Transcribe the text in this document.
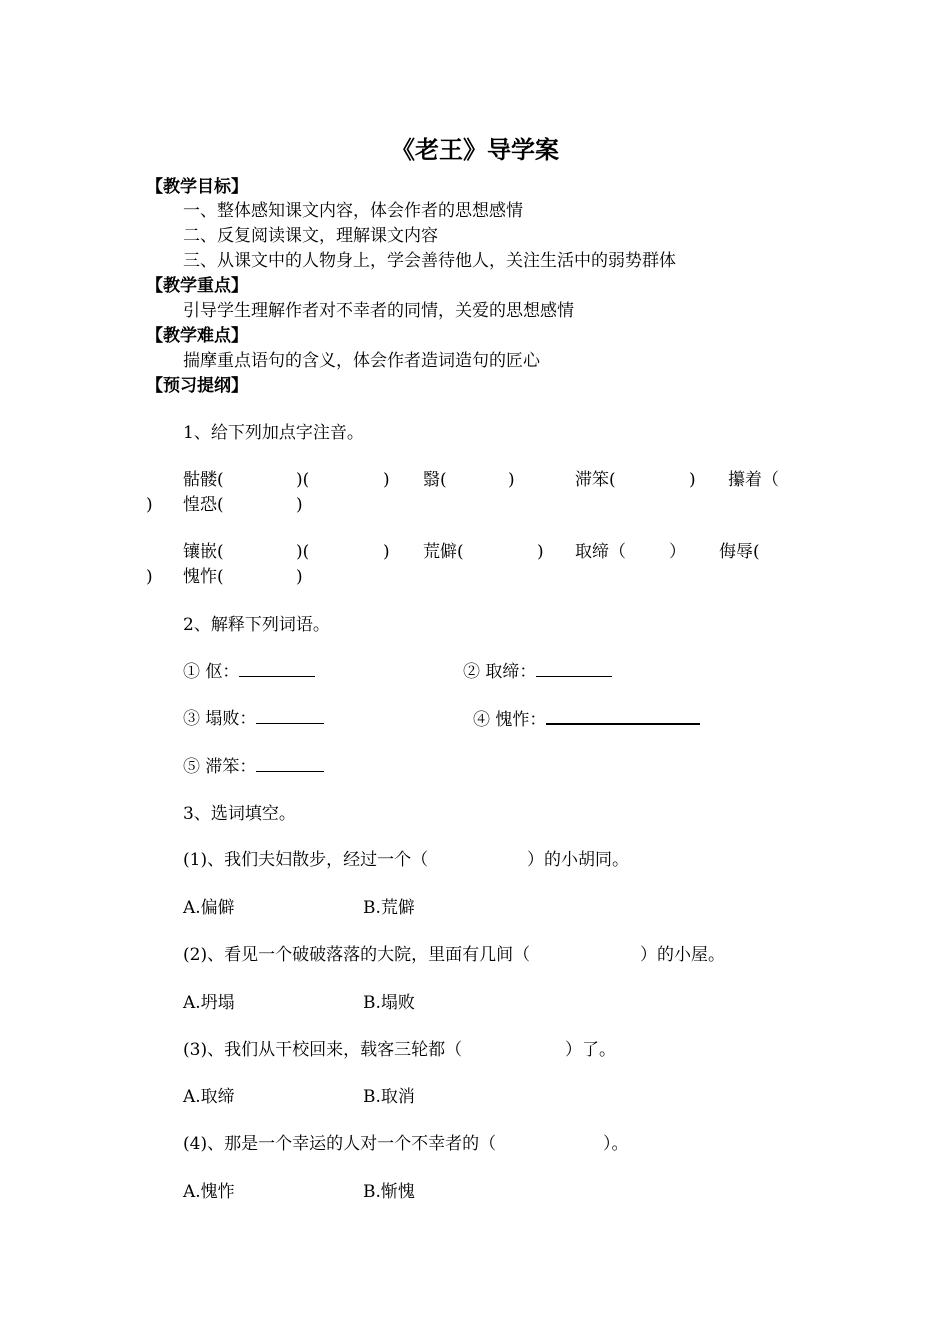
《老王》导学案
【教学目标】
一、整体感知课文内容，体会作者的思想感情
二、反复阅读课文，理解课文内容
三、从课文中的人物身上，学会善待他人，关注生活中的弱势群体
【教学重点】
引导学生理解作者对不幸者的同情，关爱的思想感情
【教学难点】
揣摩重点语句的含义，体会作者造词造句的匠心
【预习提纲】
1、给下列加点字注音。
骷髅(	)(	) 翳(	)	滞笨(	) 攥着（
) 惶恐(	)
镶嵌(	)(	) 荒僻(	) 取缔（	） 侮辱(
) 愧怍(	)
2、解释下列词语。
① 伛：	② 取缔：
③ 塌败：	④ 愧怍：
⑤ 滞笨：
3、选词填空。
(1)、我们夫妇散步，经过一个（	）的小胡同。
A.偏僻	B.荒僻
(2)、看见一个破破落落的大院，里面有几间（	）的小屋。
A.坍塌	B.塌败
(3)、我们从干校回来，载客三轮都（	）了。
A.取缔	B.取消
(4)、那是一个幸运的人对一个不幸者的（	）。
A.愧怍	B.惭愧
